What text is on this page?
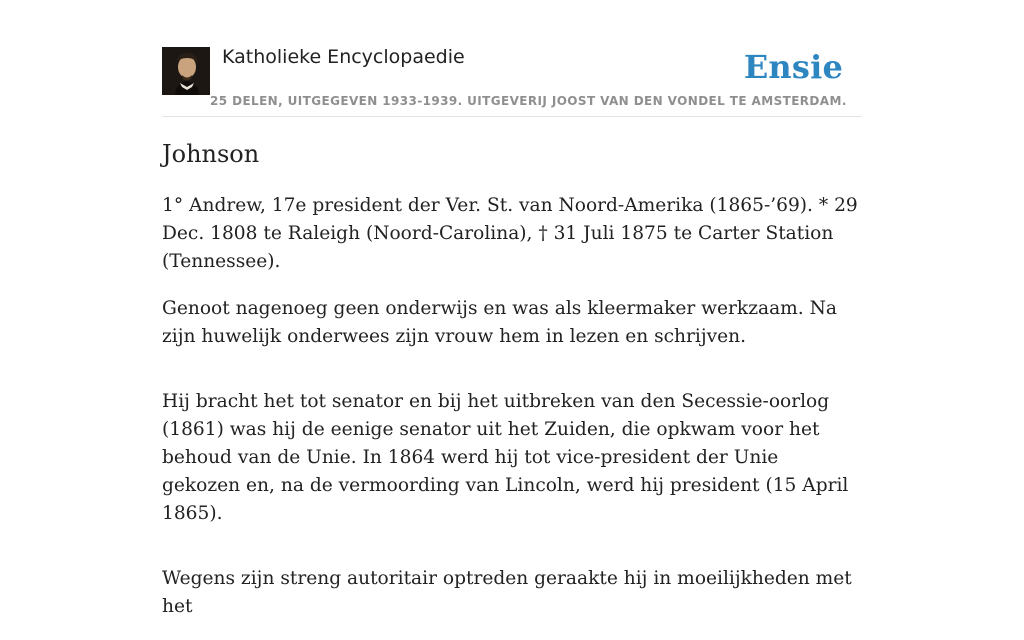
Katholieke Encyclopaedie
25 DELEN, UITGEGEVEN 1933-1939. UITGEVERIJ JOOST VAN DEN VONDEL TE AMSTERDAM.
Ensie
Johnson

1° Andrew, 17e president der Ver. St. van Noord-Amerika (1865-’69). * 29 Dec. 1808 te Raleigh (Noord-Carolina), † 31 Juli 1875 te Carter Station (Tennessee).

Genoot nagenoeg geen onderwijs en was als kleermaker werkzaam. Na zijn huwelijk onderwees zijn vrouw hem in lezen en schrijven.

Hij bracht het tot senator en bij het uitbreken van den Secessie-oorlog (1861) was hij de eenige senator uit het Zuiden, die opkwam voor het behoud van de Unie. In 1864 werd hij tot vice-president der Unie gekozen en, na de vermoording van Lincoln, werd hij president (15 April 1865).

Wegens zijn streng autoritair optreden geraakte hij in moeilijkheden met het
